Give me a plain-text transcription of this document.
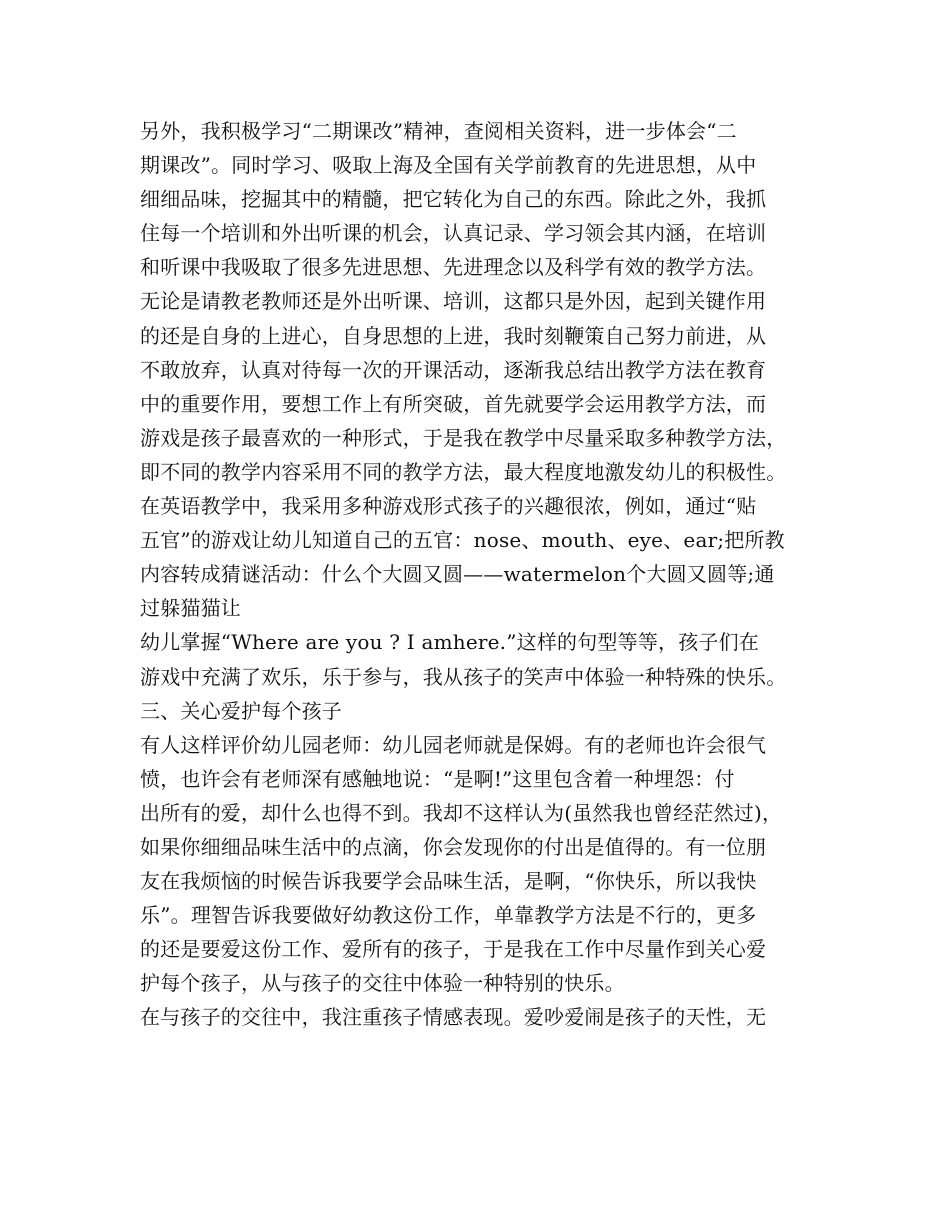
另外，我积极学习“二期课改”精神，查阅相关资料，进一步体会“二
期课改”。同时学习、吸取上海及全国有关学前教育的先进思想，从中
细细品味，挖掘其中的精髓，把它转化为自己的东西。除此之外，我抓
住每一个培训和外出听课的机会，认真记录、学习领会其内涵，在培训
和听课中我吸取了很多先进思想、先进理念以及科学有效的教学方法。
无论是请教老教师还是外出听课、培训，这都只是外因，起到关键作用
的还是自身的上进心，自身思想的上进，我时刻鞭策自己努力前进，从
不敢放弃，认真对待每一次的开课活动，逐渐我总结出教学方法在教育
中的重要作用，要想工作上有所突破，首先就要学会运用教学方法，而
游戏是孩子最喜欢的一种形式，于是我在教学中尽量采取多种教学方法，
即不同的教学内容采用不同的教学方法，最大程度地激发幼儿的积极性。
在英语教学中，我采用多种游戏形式孩子的兴趣很浓，例如，通过“贴
五官”的游戏让幼儿知道自己的五官：nose、mouth、eye、ear;把所教
内容转成猜谜活动：什么个大圆又圆——watermelon个大圆又圆等;通
过躲猫猫让
幼儿掌握“Where are you ? I amhere.”这样的句型等等，孩子们在
游戏中充满了欢乐，乐于参与，我从孩子的笑声中体验一种特殊的快乐。
三、关心爱护每个孩子
有人这样评价幼儿园老师：幼儿园老师就是保姆。有的老师也许会很气
愤，也许会有老师深有感触地说：“是啊!”这里包含着一种埋怨：付
出所有的爱，却什么也得不到。我却不这样认为(虽然我也曾经茫然过)，
如果你细细品味生活中的点滴，你会发现你的付出是值得的。有一位朋
友在我烦恼的时候告诉我要学会品味生活，是啊，“你快乐，所以我快
乐”。理智告诉我要做好幼教这份工作，单靠教学方法是不行的，更多
的还是要爱这份工作、爱所有的孩子，于是我在工作中尽量作到关心爱
护每个孩子，从与孩子的交往中体验一种特别的快乐。
在与孩子的交往中，我注重孩子情感表现。爱吵爱闹是孩子的天性，无
